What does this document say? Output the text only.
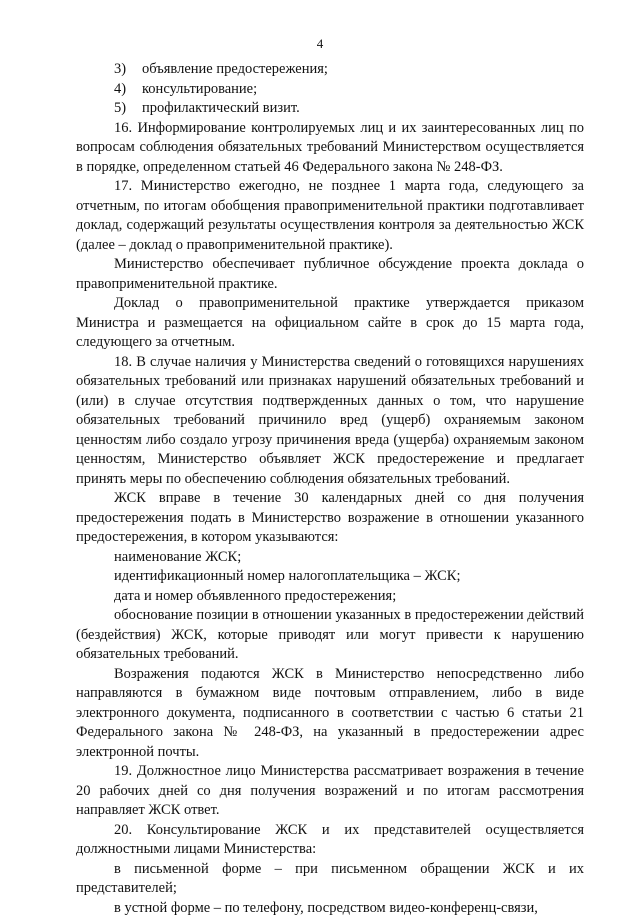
4
3) объявление предостережения;
4) консультирование;
5) профилактический визит.

16. Информирование контролируемых лиц и их заинтересованных лиц по вопросам соблюдения обязательных требований Министерством осуществляется в порядке, определенном статьей 46 Федерального закона № 248-ФЗ.

17. Министерство ежегодно, не позднее 1 марта года, следующего за отчетным, по итогам обобщения правоприменительной практики подготавливает доклад, содержащий результаты осуществления контроля за деятельностью ЖСК (далее – доклад о правоприменительной практике).

Министерство обеспечивает публичное обсуждение проекта доклада о правоприменительной практике.

Доклад о правоприменительной практике утверждается приказом Министра и размещается на официальном сайте в срок до 15 марта года, следующего за отчетным.

18. В случае наличия у Министерства сведений о готовящихся нарушениях обязательных требований или признаках нарушений обязательных требований и (или) в случае отсутствия подтвержденных данных о том, что нарушение обязательных требований причинило вред (ущерб) охраняемым законом ценностям либо создало угрозу причинения вреда (ущерба) охраняемым законом ценностям, Министерство объявляет ЖСК предостережение и предлагает принять меры по обеспечению соблюдения обязательных требований.

ЖСК вправе в течение 30 календарных дней со дня получения предостережения подать в Министерство возражение в отношении указанного предостережения, в котором указываются:

наименование ЖСК;

идентификационный номер налогоплательщика – ЖСК;

дата и номер объявленного предостережения;

обоснование позиции в отношении указанных в предостережении действий (бездействия) ЖСК, которые приводят или могут привести к нарушению обязательных требований.

Возражения подаются ЖСК в Министерство непосредственно либо направляются в бумажном виде почтовым отправлением, либо в виде электронного документа, подписанного в соответствии с частью 6 статьи 21 Федерального закона № 248-ФЗ, на указанный в предостережении адрес электронной почты.

19. Должностное лицо Министерства рассматривает возражения в течение 20 рабочих дней со дня получения возражений и по итогам рассмотрения направляет ЖСК ответ.

20. Консультирование ЖСК и их представителей осуществляется должностными лицами Министерства:

в письменной форме – при письменном обращении ЖСК и их представителей;

в устной форме – по телефону, посредством видео-конференц-связи,
